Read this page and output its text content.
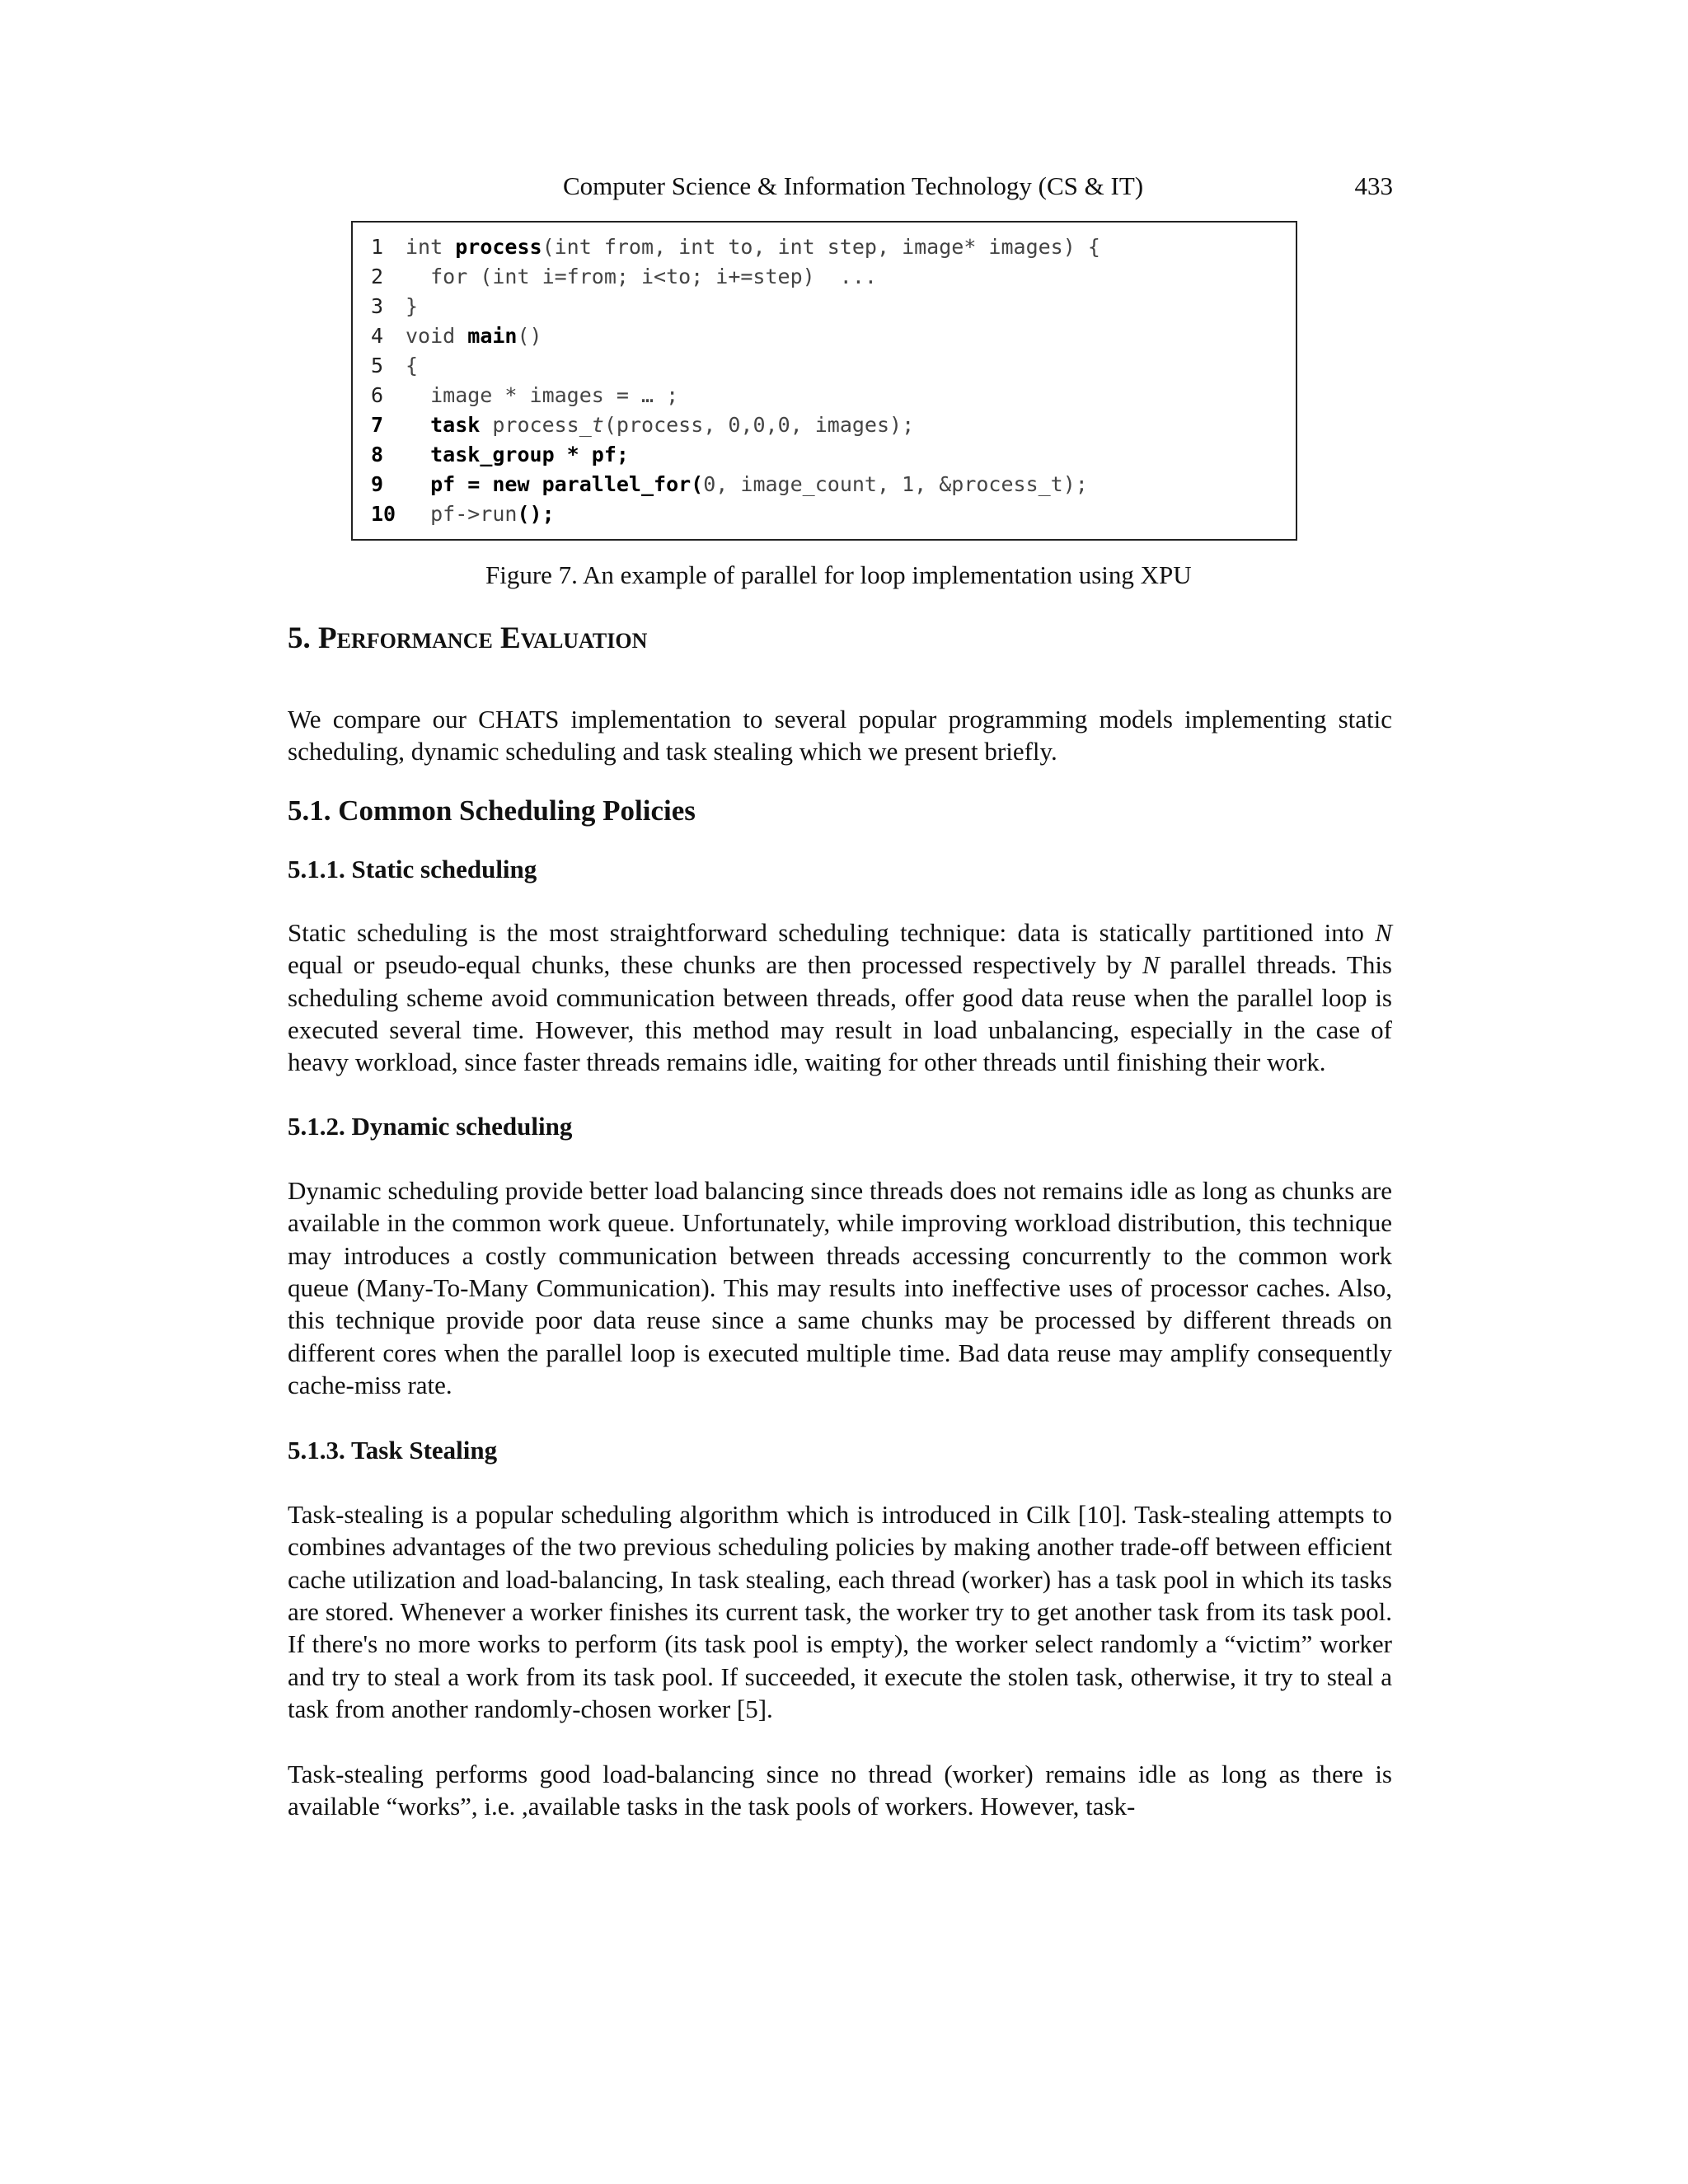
Computer Science & Information Technology (CS & IT)	433
1	int process (int from, int to, int step, image* images) {
2	for (int i=from; i<to; i+=step)  ...
3	}
4	void main ()
5	{
6	image * images = … ;
7
	task process_ t (process, 0,0,0, images);
8
	task_group * pf;
9
	pf = new parallel_for( 0, image_count, 1, &process_t);
10 pf->run ();
Figure 7. An example of parallel for loop implementation using XPU
5. Performance Evaluation

We compare our CHATS implementation to several popular programming models implementing static scheduling, dynamic scheduling and task stealing which we present briefly.

5.1. Common Scheduling Policies
5.1.1. Static scheduling

Static scheduling is the most straightforward scheduling technique: data is statically partitioned into N equal or pseudo-equal chunks, these chunks are then processed respectively by N parallel threads. This scheduling scheme avoid communication between threads, offer good data reuse when the parallel loop is executed several time. However, this method may result in load unbalancing, especially in the case of heavy workload, since faster threads remains idle, waiting for other threads until finishing their work.

5.1.2. Dynamic scheduling

Dynamic scheduling provide better load balancing since threads does not remains idle as long as chunks are available in the common work queue. Unfortunately, while improving workload distribution, this technique may introduces a costly communication between threads accessing concurrently to the common work queue (Many-To-Many Communication). This may results into ineffective uses of processor caches. Also, this technique provide poor data reuse since a same chunks may be processed by different threads on different cores when the parallel loop is executed multiple time. Bad data reuse may amplify consequently cache-miss rate.

5.1.3. Task Stealing

Task-stealing is a popular scheduling algorithm which is introduced in Cilk [10]. Task-stealing attempts to combines advantages of the two previous scheduling policies by making another trade-off between efficient cache utilization and load-balancing, In task stealing, each thread (worker) has a task pool in which its tasks are stored. Whenever a worker finishes its current task, the worker try to get another task from its task pool. If there's no more works to perform (its task pool is empty), the worker select randomly a “victim” worker and try to steal a work from its task pool. If succeeded, it execute the stolen task, otherwise, it try to steal a task from another randomly-chosen worker [5].

Task-stealing performs good load-balancing since no thread (worker) remains idle as long as there is available “works”, i.e. ,available tasks in the task pools of workers. However, task-
